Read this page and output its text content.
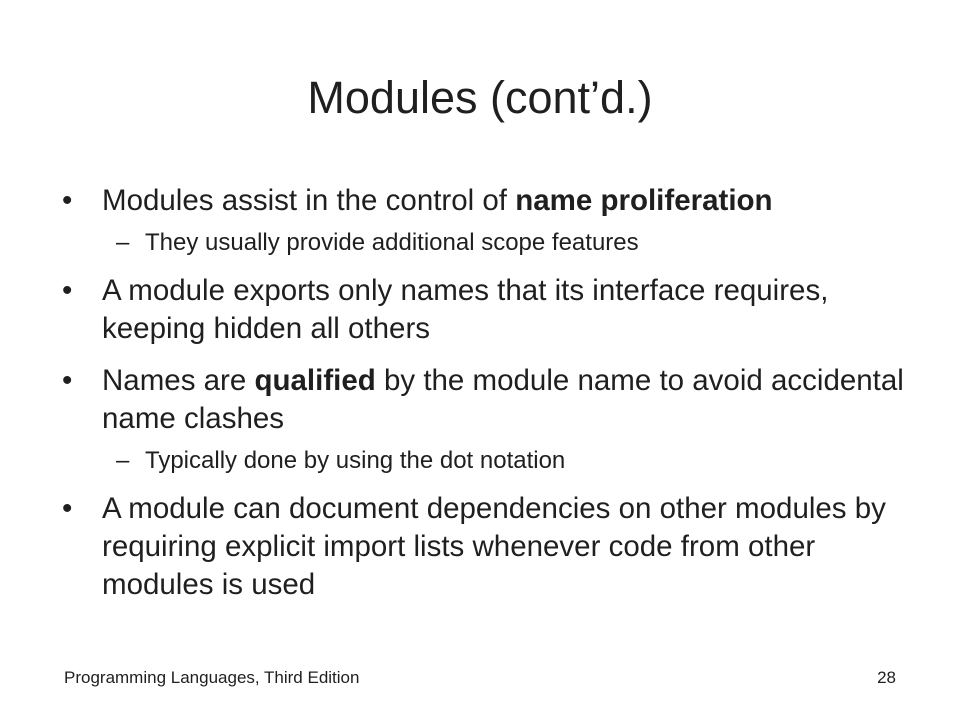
Modules (cont’d.)
• Modules assist in the control of name proliferation
– They usually provide additional scope features
• A module exports only names that its interface requires, keeping hidden all others
• Names are qualified by the module name to avoid accidental name clashes
– Typically done by using the dot notation
• A module can document dependencies on other modules by requiring explicit import lists whenever code from other modules is used
Programming Languages, Third Edition	28
